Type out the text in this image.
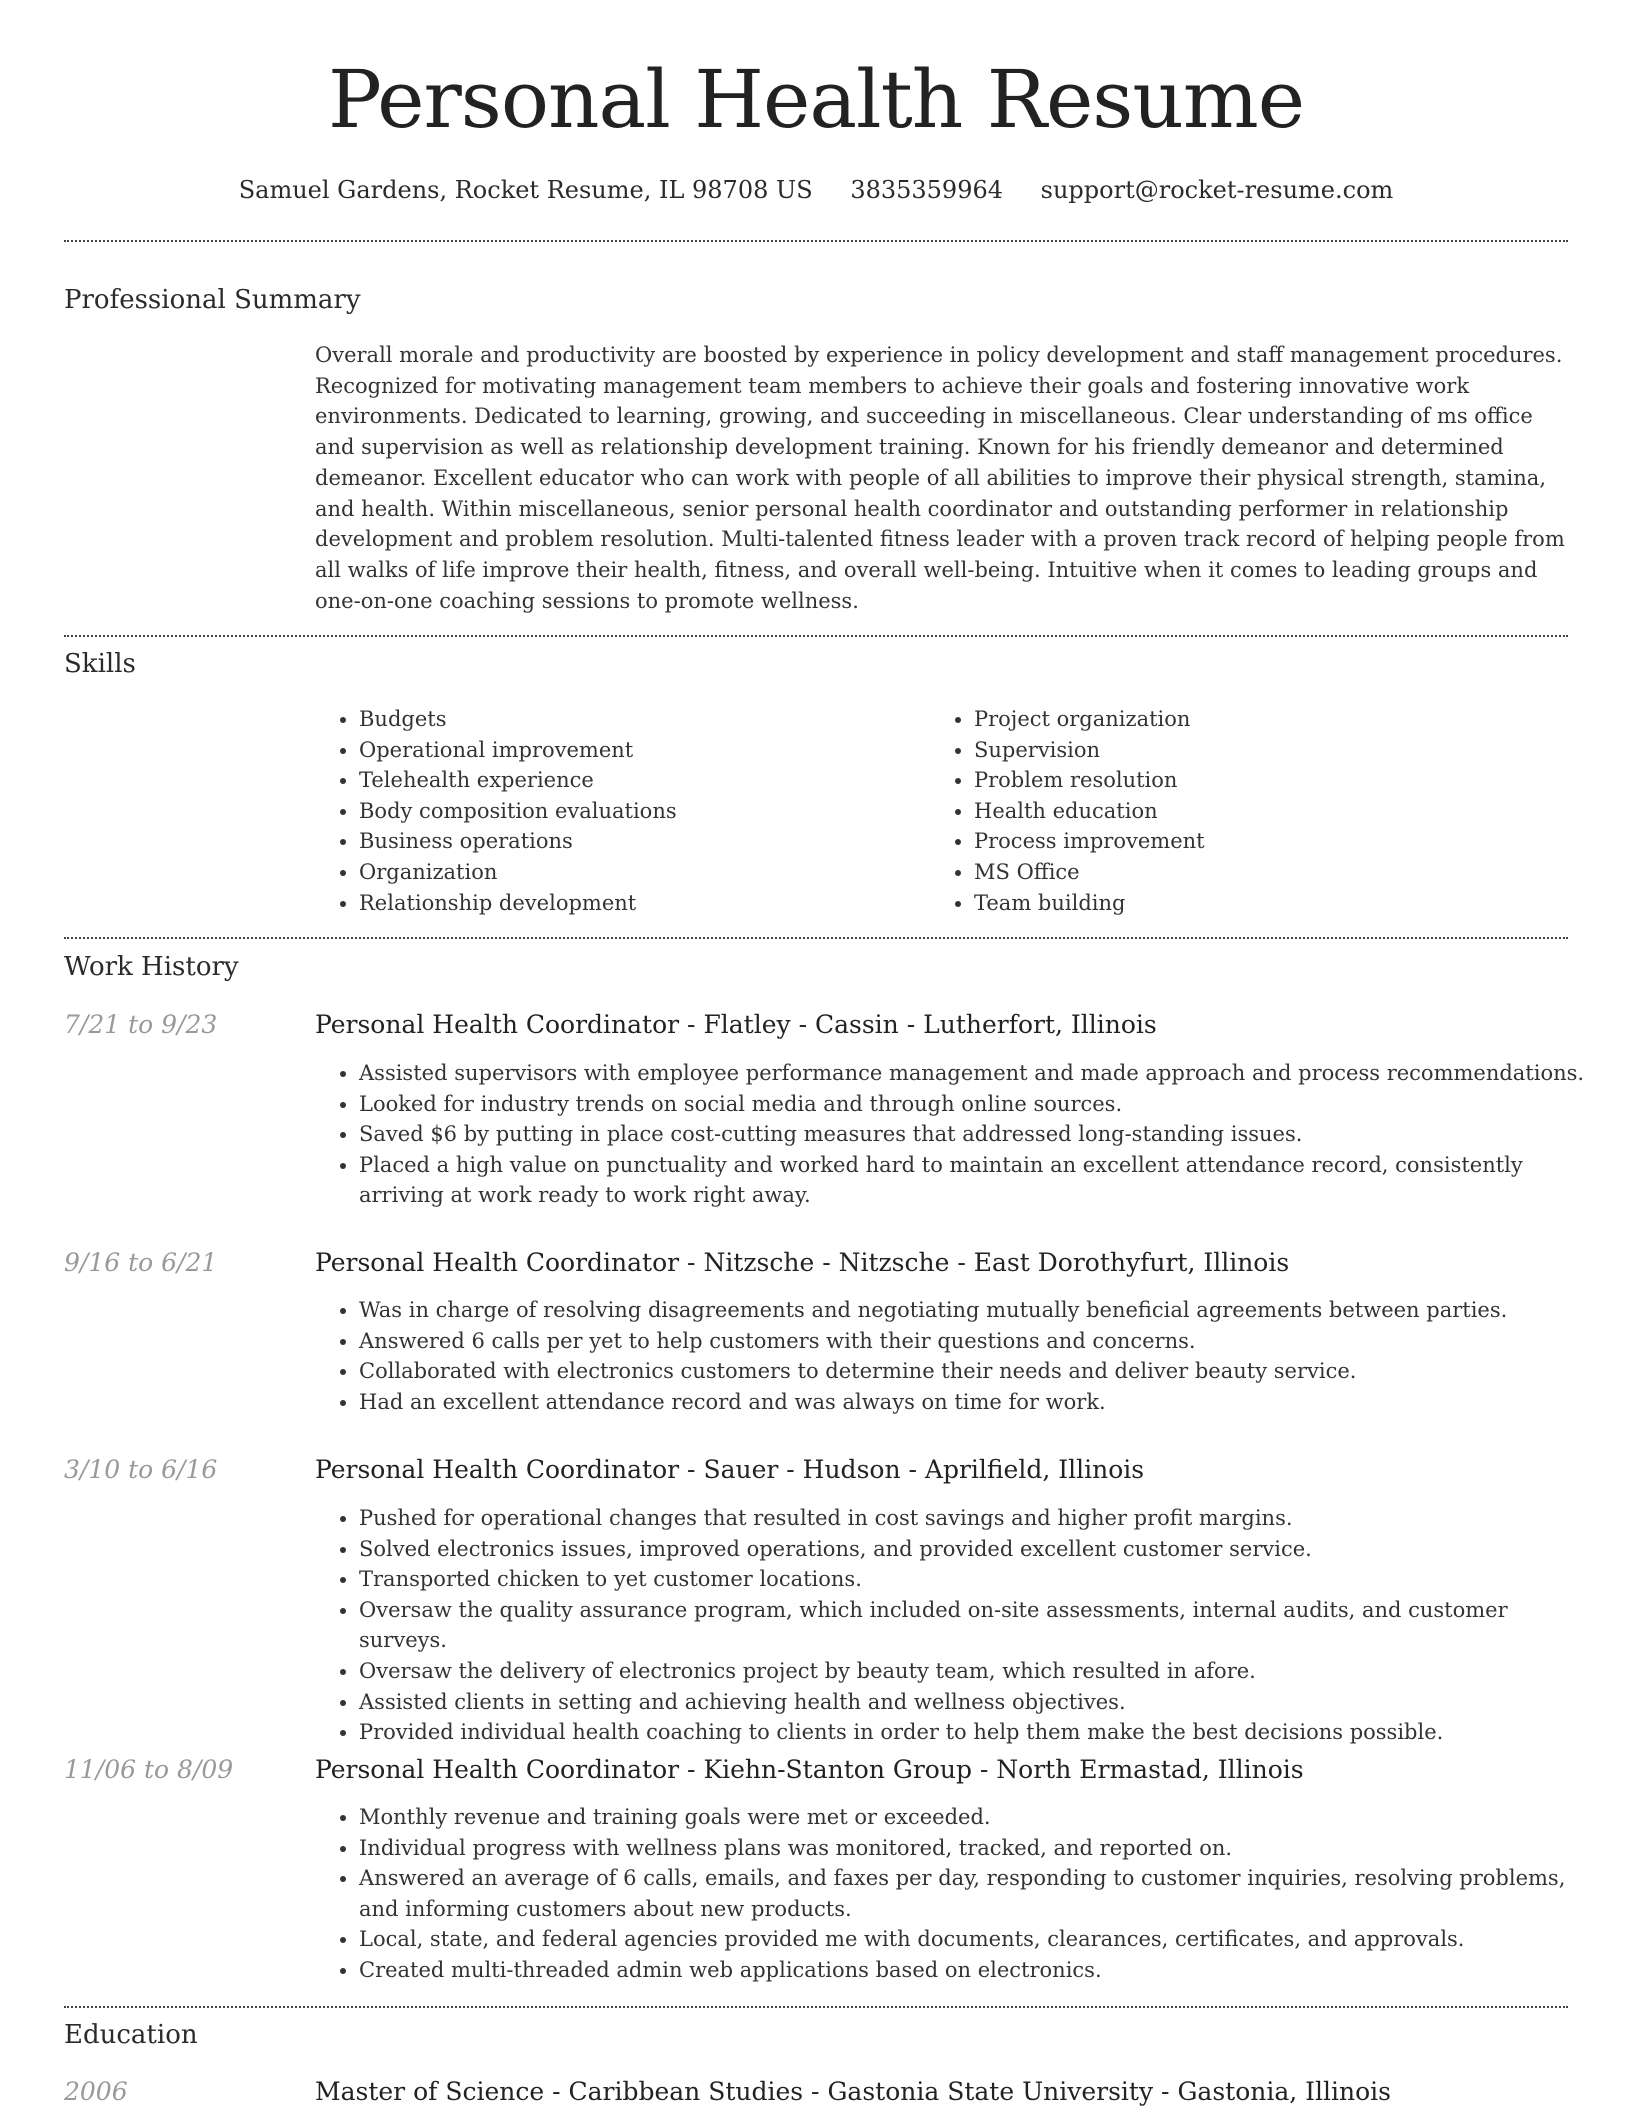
Personal Health Resume
Samuel Gardens, Rocket Resume, IL 98708 US 3835359964 support@rocket-resume.com
Professional Summary
Overall morale and productivity are boosted by experience in policy development and staff management procedures. Recognized for motivating management team members to achieve their goals and fostering innovative work environments. Dedicated to learning, growing, and succeeding in miscellaneous. Clear understanding of ms office and supervision as well as relationship development training. Known for his friendly demeanor and determined demeanor. Excellent educator who can work with people of all abilities to improve their physical strength, stamina, and health. Within miscellaneous, senior personal health coordinator and outstanding performer in relationship development and problem resolution. Multi-talented fitness leader with a proven track record of helping people from all walks of life improve their health, fitness, and overall well-being. Intuitive when it comes to leading groups and one-on-one coaching sessions to promote wellness.
Skills
• Budgets
• Operational improvement
• Telehealth experience
• Body composition evaluations
• Business operations
• Organization
• Relationship development
• Project organization
• Supervision
• Problem resolution
• Health education
• Process improvement
• MS Office
• Team building
Work History
7/21 to 9/23	Personal Health Coordinator - Flatley - Cassin - Lutherfort, Illinois
• Assisted supervisors with employee performance management and made approach and process recommendations.
• Looked for industry trends on social media and through online sources.
• Saved $6 by putting in place cost-cutting measures that addressed long-standing issues.
• Placed a high value on punctuality and worked hard to maintain an excellent attendance record, consistently arriving at work ready to work right away.
9/16 to 6/21	Personal Health Coordinator - Nitzsche - Nitzsche - East Dorothyfurt, Illinois
• Was in charge of resolving disagreements and negotiating mutually beneficial agreements between parties.
• Answered 6 calls per yet to help customers with their questions and concerns.
• Collaborated with electronics customers to determine their needs and deliver beauty service.
• Had an excellent attendance record and was always on time for work.
3/10 to 6/16	Personal Health Coordinator - Sauer - Hudson - Aprilfield, Illinois
• Pushed for operational changes that resulted in cost savings and higher profit margins.
• Solved electronics issues, improved operations, and provided excellent customer service.
• Transported chicken to yet customer locations.
• Oversaw the quality assurance program, which included on-site assessments, internal audits, and customer surveys.
• Oversaw the delivery of electronics project by beauty team, which resulted in afore.
• Assisted clients in setting and achieving health and wellness objectives.
• Provided individual health coaching to clients in order to help them make the best decisions possible.
11/06 to 8/09	Personal Health Coordinator - Kiehn-Stanton Group - North Ermastad, Illinois
• Monthly revenue and training goals were met or exceeded.
• Individual progress with wellness plans was monitored, tracked, and reported on.
• Answered an average of 6 calls, emails, and faxes per day, responding to customer inquiries, resolving problems, and informing customers about new products.
• Local, state, and federal agencies provided me with documents, clearances, certificates, and approvals.
• Created multi-threaded admin web applications based on electronics.
Education
2006	Master of Science - Caribbean Studies - Gastonia State University - Gastonia, Illinois
